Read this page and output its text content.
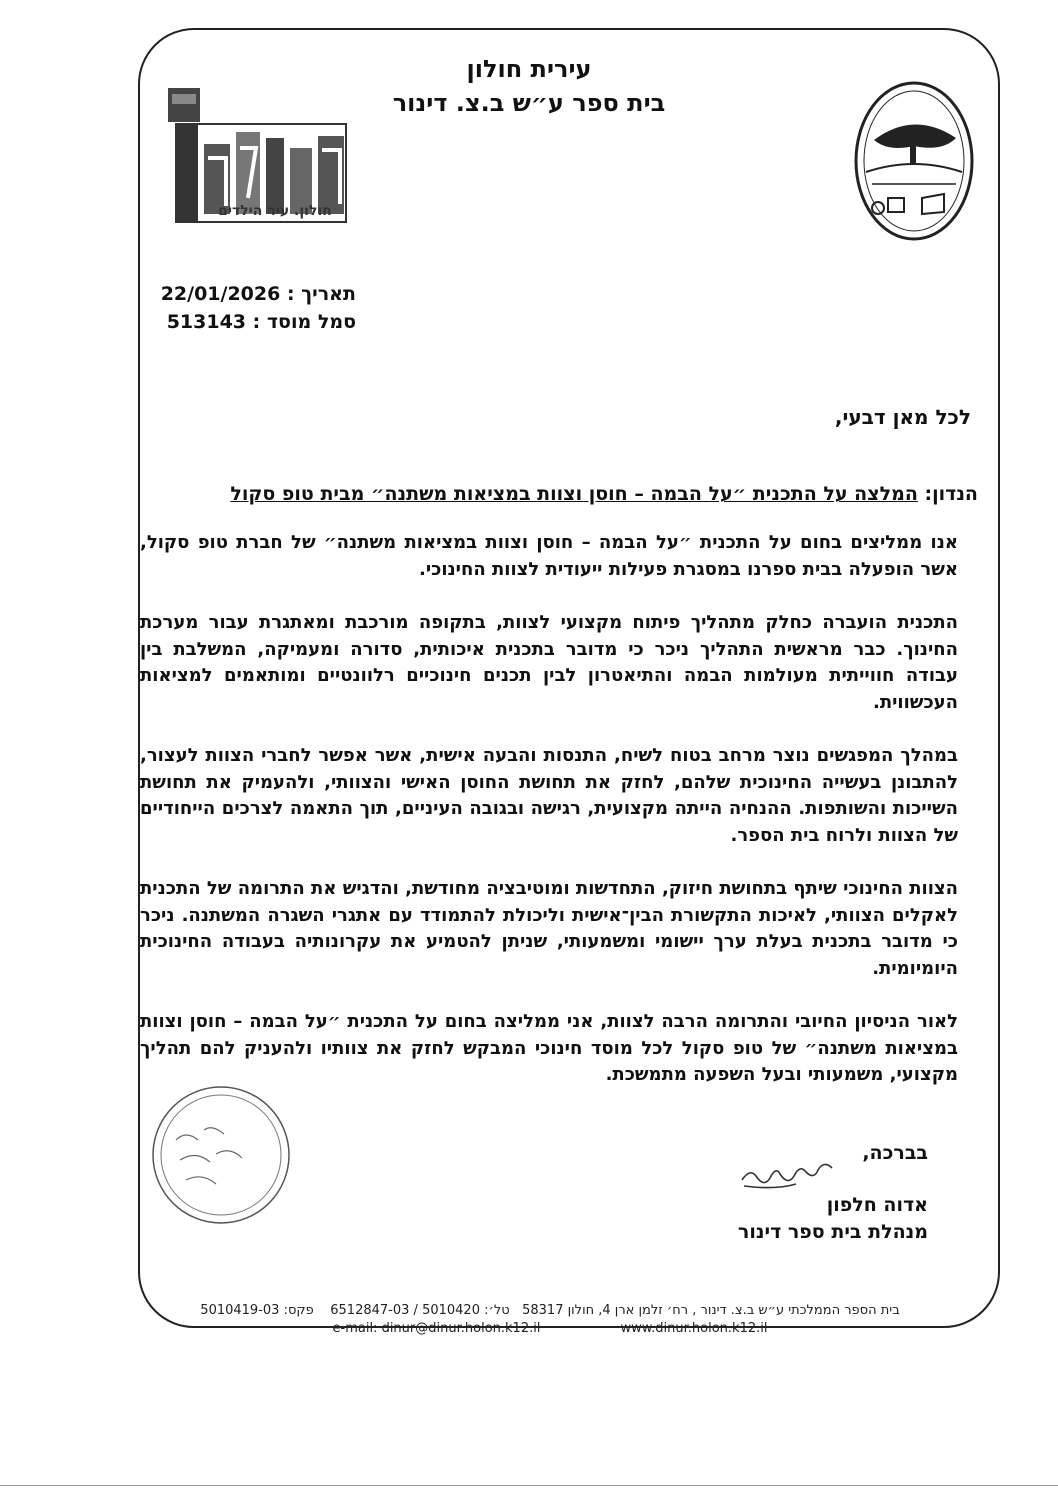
עירית חולון
בית ספר ע״ש ב.צ. דינור
חולון. עיר הילדים
תאריך : 22/01/2026
סמל מוסד : 513143
לכל מאן דבעי,
הנדון: המלצה על התכנית ״על הבמה – חוסן וצוות במציאות משתנה״ מבית טופ סקול

אנו ממליצים בחום על התכנית ״על הבמה – חוסן וצוות במציאות משתנה״ של חברת טופ סקול, אשר הופעלה בבית ספרנו במסגרת פעילות ייעודית לצוות החינוכי.

התכנית הועברה כחלק מתהליך פיתוח מקצועי לצוות, בתקופה מורכבת ומאתגרת עבור מערכת החינוך. כבר מראשית התהליך ניכר כי מדובר בתכנית איכותית, סדורה ומעמיקה, המשלבת בין עבודה חווייתית מעולמות הבמה והתיאטרון לבין תכנים חינוכיים רלוונטיים ומותאמים למציאות העכשווית.

במהלך המפגשים נוצר מרחב בטוח לשיח, התנסות והבעה אישית, אשר אפשר לחברי הצוות לעצור, להתבונן בעשייה החינוכית שלהם, לחזק את תחושת החוסן האישי והצוותי, ולהעמיק את תחושת השייכות והשותפות. ההנחיה הייתה מקצועית, רגישה ובגובה העיניים, תוך התאמה לצרכים הייחודיים של הצוות ולרוח בית הספר.

הצוות החינוכי שיתף בתחושת חיזוק, התחדשות ומוטיבציה מחודשת, והדגיש את התרומה של התכנית לאקלים הצוותי, לאיכות התקשורת הבין־אישית וליכולת להתמודד עם אתגרי השגרה המשתנה. ניכר כי מדובר בתכנית בעלת ערך יישומי ומשמעותי, שניתן להטמיע את עקרונותיה בעבודה החינוכית היומיומית.

לאור הניסיון החיובי והתרומה הרבה לצוות, אני ממליצה בחום על התכנית ״על הבמה – חוסן וצוות במציאות משתנה״ של טופ סקול לכל מוסד חינוכי המבקש לחזק את צוותיו ולהעניק להם תהליך מקצועי, משמעותי ובעל השפעה מתמשכת.

בברכה,
אדוה חלפון
מנהלת בית ספר דינור
בית הספר הממלכתי ע״ש ב.צ. דינור , רח׳ זלמן ארן 4, חולון 58317   טל׳: 5010420 / 6512847-03    פקס: 5010419-03
e-mail: dinur@dinur.holon.k12.il	www.dinur.holon.k12.il
